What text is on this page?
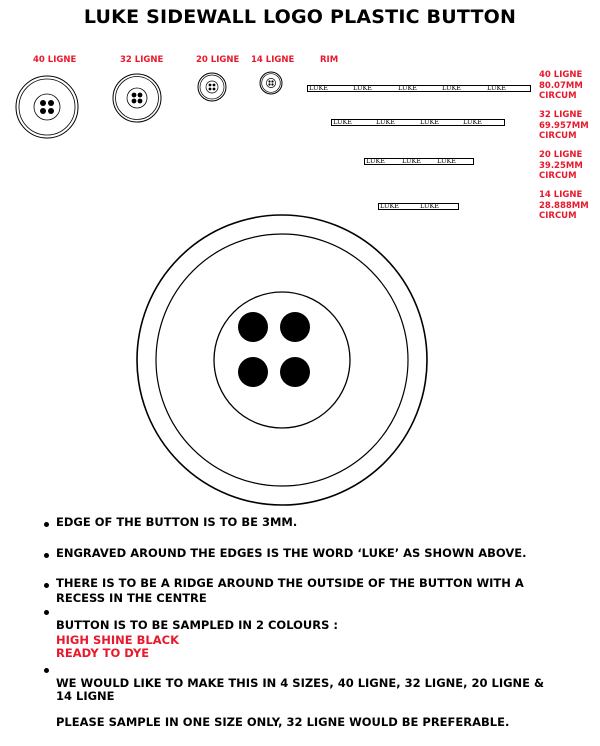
LUKE SIDEWALL LOGO PLASTIC BUTTON
40 LIGNE	32 LIGNE	20 LIGNE 14 LIGNE	RIM
LUKE	LUKE	LUKE	LUKE	LUKE
LUKE	LUKE	LUKE	LUKE
LUKE	LUKE LUKE
LUKE	LUKE
40 LIGNE
80.07MM
CIRCUM
32 LIGNE
69.957MM
CIRCUM
20 LIGNE
39.25MM
CIRCUM
14 LIGNE
28.888MM
CIRCUM
EDGE OF THE BUTTON IS TO BE 3MM.
ENGRAVED AROUND THE EDGES IS THE WORD ‘LUKE’ AS SHOWN ABOVE.
THERE IS TO BE A RIDGE AROUND THE OUTSIDE OF THE BUTTON WITH A
RECESS IN THE CENTRE
BUTTON IS TO BE SAMPLED IN 2 COLOURS :
HIGH SHINE BLACK
READY TO DYE
WE WOULD LIKE TO MAKE THIS IN 4 SIZES, 40 LIGNE, 32 LIGNE, 20 LIGNE &
14 LIGNE
PLEASE SAMPLE IN ONE SIZE ONLY, 32 LIGNE WOULD BE PREFERABLE.
